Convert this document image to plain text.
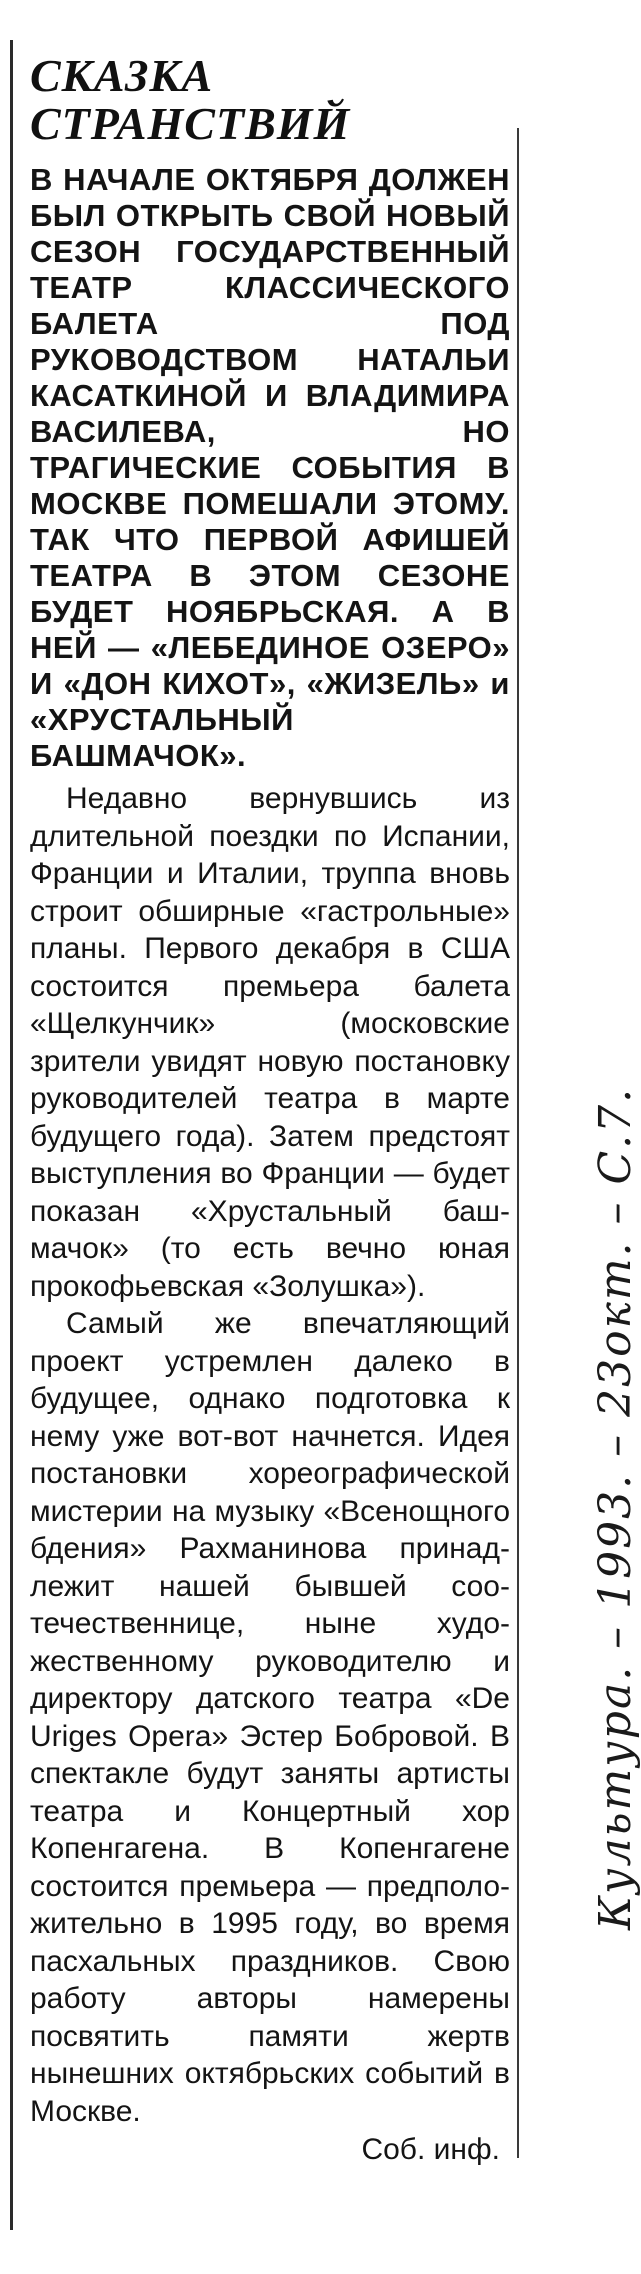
СКАЗКА
СТРАНСТВИЙ

В НАЧАЛЕ ОКТЯБРЯ ДОЛЖЕН БЫЛ ОТКРЫТЬ СВОЙ НОВЫЙ СЕЗОН ГОСУДАРСТВЕННЫЙ ТЕАТР КЛАССИЧЕСКОГО БАЛЕТА ПОД РУКОВОДСТВОМ НАТАЛЬИ КАСАТКИНОЙ И ВЛАДИМИРА ВАСИЛЕВА, НО ТРАГИЧЕСКИЕ СОБЫТИЯ В МОСКВЕ ПОМЕШАЛИ ЭТОМУ. ТАК ЧТО ПЕРВОЙ АФИШЕЙ ТЕАТРА В ЭТОМ СЕЗОНЕ БУДЕТ НОЯБРЬСКАЯ. А В НЕЙ — «ЛЕБЕДИНОЕ ОЗЕРО» И «ДОН КИХОТ», «ЖИЗЕЛЬ» и «ХРУСТАЛЬНЫЙ БАШМАЧОК».

Недавно вернувшись из длительной поездки по Испании, Франции и Италии, труппа вновь строит обширные «гастрольные» планы. Первого декабря в США состоится премьера балета «Щелкунчик» (московские зрители увидят новую постановку руководителей театра в марте будущего года). Затем предстоят выступления во Франции — будет показан «Хрустальный башмачок» (то есть вечно юная прокофьевская «Золушка»).

Самый же впечатляющий проект устремлен далеко в будущее, однако подготовка к нему уже вот-вот начнется. Идея постановки хореографической мистерии на музыку «Всенощного бдения» Рахманинова принадлежит нашей бывшей соотечественнице, ныне художественному руководителю и директору датского театра «De Uriges Opera» Эстер Бобровой. В спектакле будут заняты артисты театра и Концертный хор Копенгагена. В Копенгагене состоится премьера — предположительно в 1995 году, во время пасхальных праздников. Свою работу авторы намерены посвятить памяти жертв нынешних октябрьских событий в Москве.

Соб. инф.
Культура. – 1993. – 23окт. – С.7.
